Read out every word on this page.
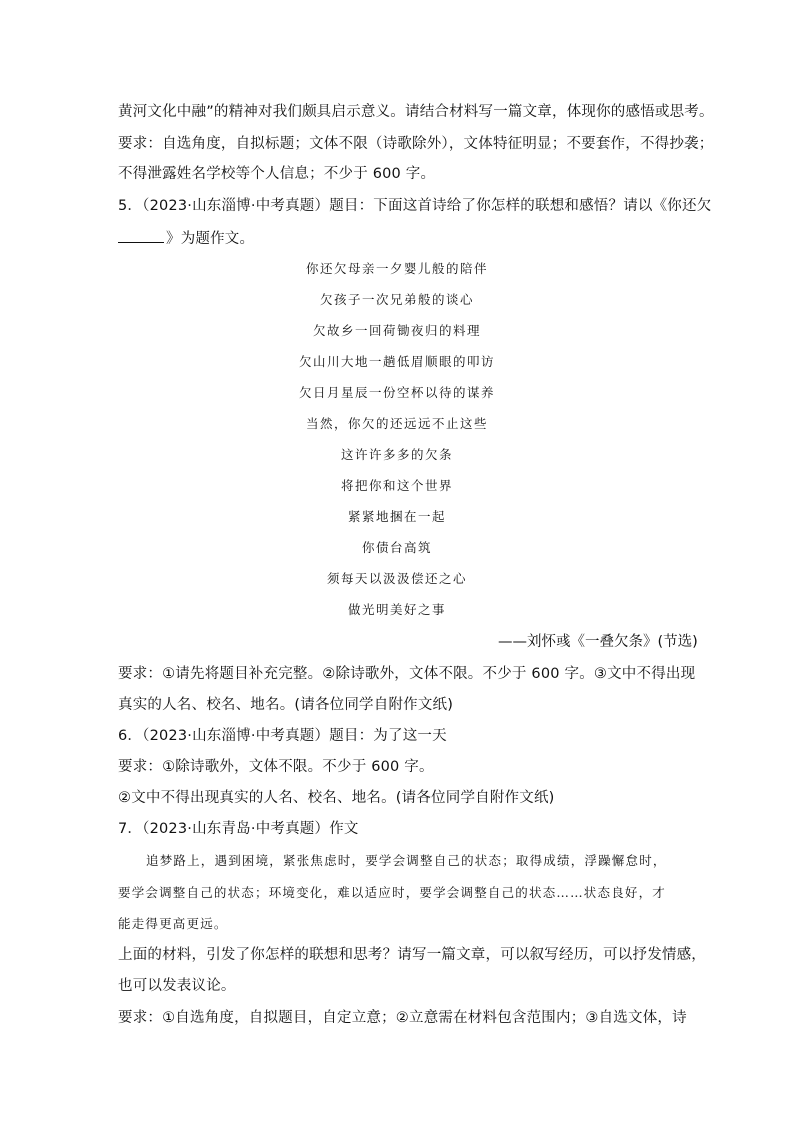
黄河文化中融”的精神对我们颇具启示意义。请结合材料写一篇文章，体现你的感悟或思考。
要求：自选角度，自拟标题；文体不限（诗歌除外），文体特征明显；不要套作，不得抄袭；
不得泄露姓名学校等个人信息；不少于 600 字。
5．（2023·山东淄博·中考真题）题目：下面这首诗给了你怎样的联想和感悟？请以《你还欠
》为题作文。
你还欠母亲一夕婴儿般的陪伴
欠孩子一次兄弟般的谈心
欠故乡一回荷锄夜归的料理
欠山川大地一趟低眉顺眼的叩访
欠日月星辰一份空杯以待的谋养
当然，你欠的还远远不止这些
这许许多多的欠条
将把你和这个世界
紧紧地捆在一起
你债台高筑
须每天以汲汲偿还之心
做光明美好之事
——刘怀彧《一叠欠条》(节选)
要求：①请先将题目补充完整。②除诗歌外，文体不限。不少于 600 字。③文中不得出现
真实的人名、校名、地名。(请各位同学自附作文纸)
6．（2023·山东淄博·中考真题）题目：为了这一天
要求：①除诗歌外，文体不限。不少于 600 字。
②文中不得出现真实的人名、校名、地名。(请各位同学自附作文纸)
7．（2023·山东青岛·中考真题）作文
追梦路上，遇到困境，紧张焦虑时，要学会调整自己的状态；取得成绩，浮躁懈怠时，
要学会调整自己的状态；环境变化，难以适应时，要学会调整自己的状态……状态良好，才
能走得更高更远。
上面的材料，引发了你怎样的联想和思考？请写一篇文章，可以叙写经历，可以抒发情感，
也可以发表议论。
要求：①自选角度，自拟题目，自定立意；②立意需在材料包含范围内；③自选文体，诗
